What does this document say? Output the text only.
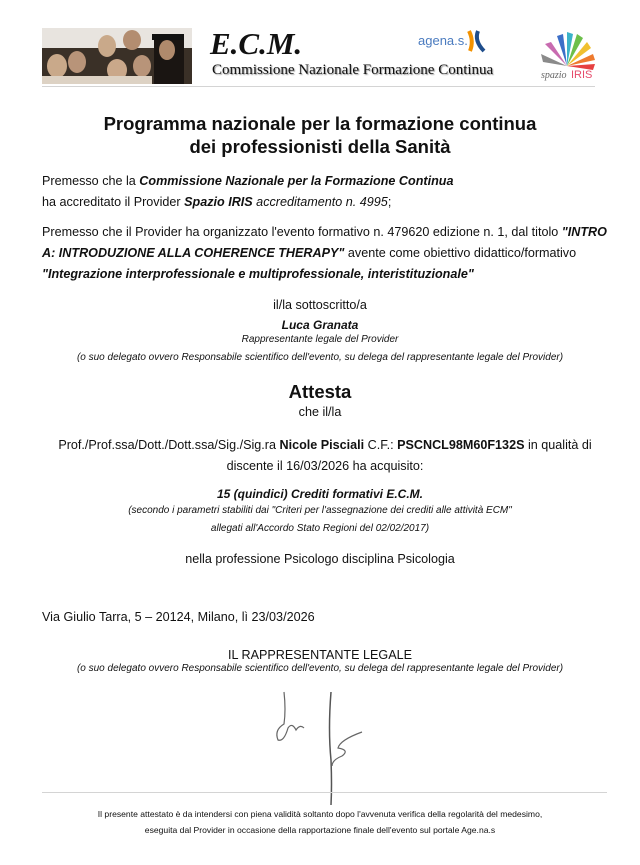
E.C.M.
Commissione Nazionale Formazione Continua
agena.s.
spazio IRIS
Programma nazionale per la formazione continua
dei professionisti della Sanità
Premesso che la Commissione Nazionale per la Formazione Continua
ha accreditato il Provider Spazio IRIS accreditamento n. 4995;
Premesso che il Provider ha organizzato l'evento formativo n. 479620 edizione n. 1, dal titolo "INTRO A: INTRODUZIONE ALLA COHERENCE THERAPY" avente come obiettivo didattico/formativo
"Integrazione interprofessionale e multiprofessionale, interistituzionale"
il/la sottoscritto/a
Luca Granata
Rappresentante legale del Provider
(o suo delegato ovvero Responsabile scientifico dell'evento, su delega del rappresentante legale del Provider)
Attesta
che il/la
Prof./Prof.ssa/Dott./Dott.ssa/Sig./Sig.ra Nicole Pisciali C.F.: PSCNCL98M60F132S in qualità di discente il 16/03/2026 ha acquisito:
15 (quindici) Crediti formativi E.C.M.
(secondo i parametri stabiliti dai "Criteri per l'assegnazione dei crediti alle attività ECM"
allegati all'Accordo Stato Regioni del 02/02/2017)
nella professione Psicologo disciplina Psicologia
Via Giulio Tarra, 5 – 20124, Milano, lì 23/03/2026
IL RAPPRESENTANTE LEGALE
(o suo delegato ovvero Responsabile scientifico dell'evento, su delega del rappresentante legale del Provider)
Il presente attestato è da intendersi con piena validità soltanto dopo l'avvenuta verifica della regolarità del medesimo,
eseguita dal Provider in occasione della rapportazione finale dell'evento sul portale Age.na.s
